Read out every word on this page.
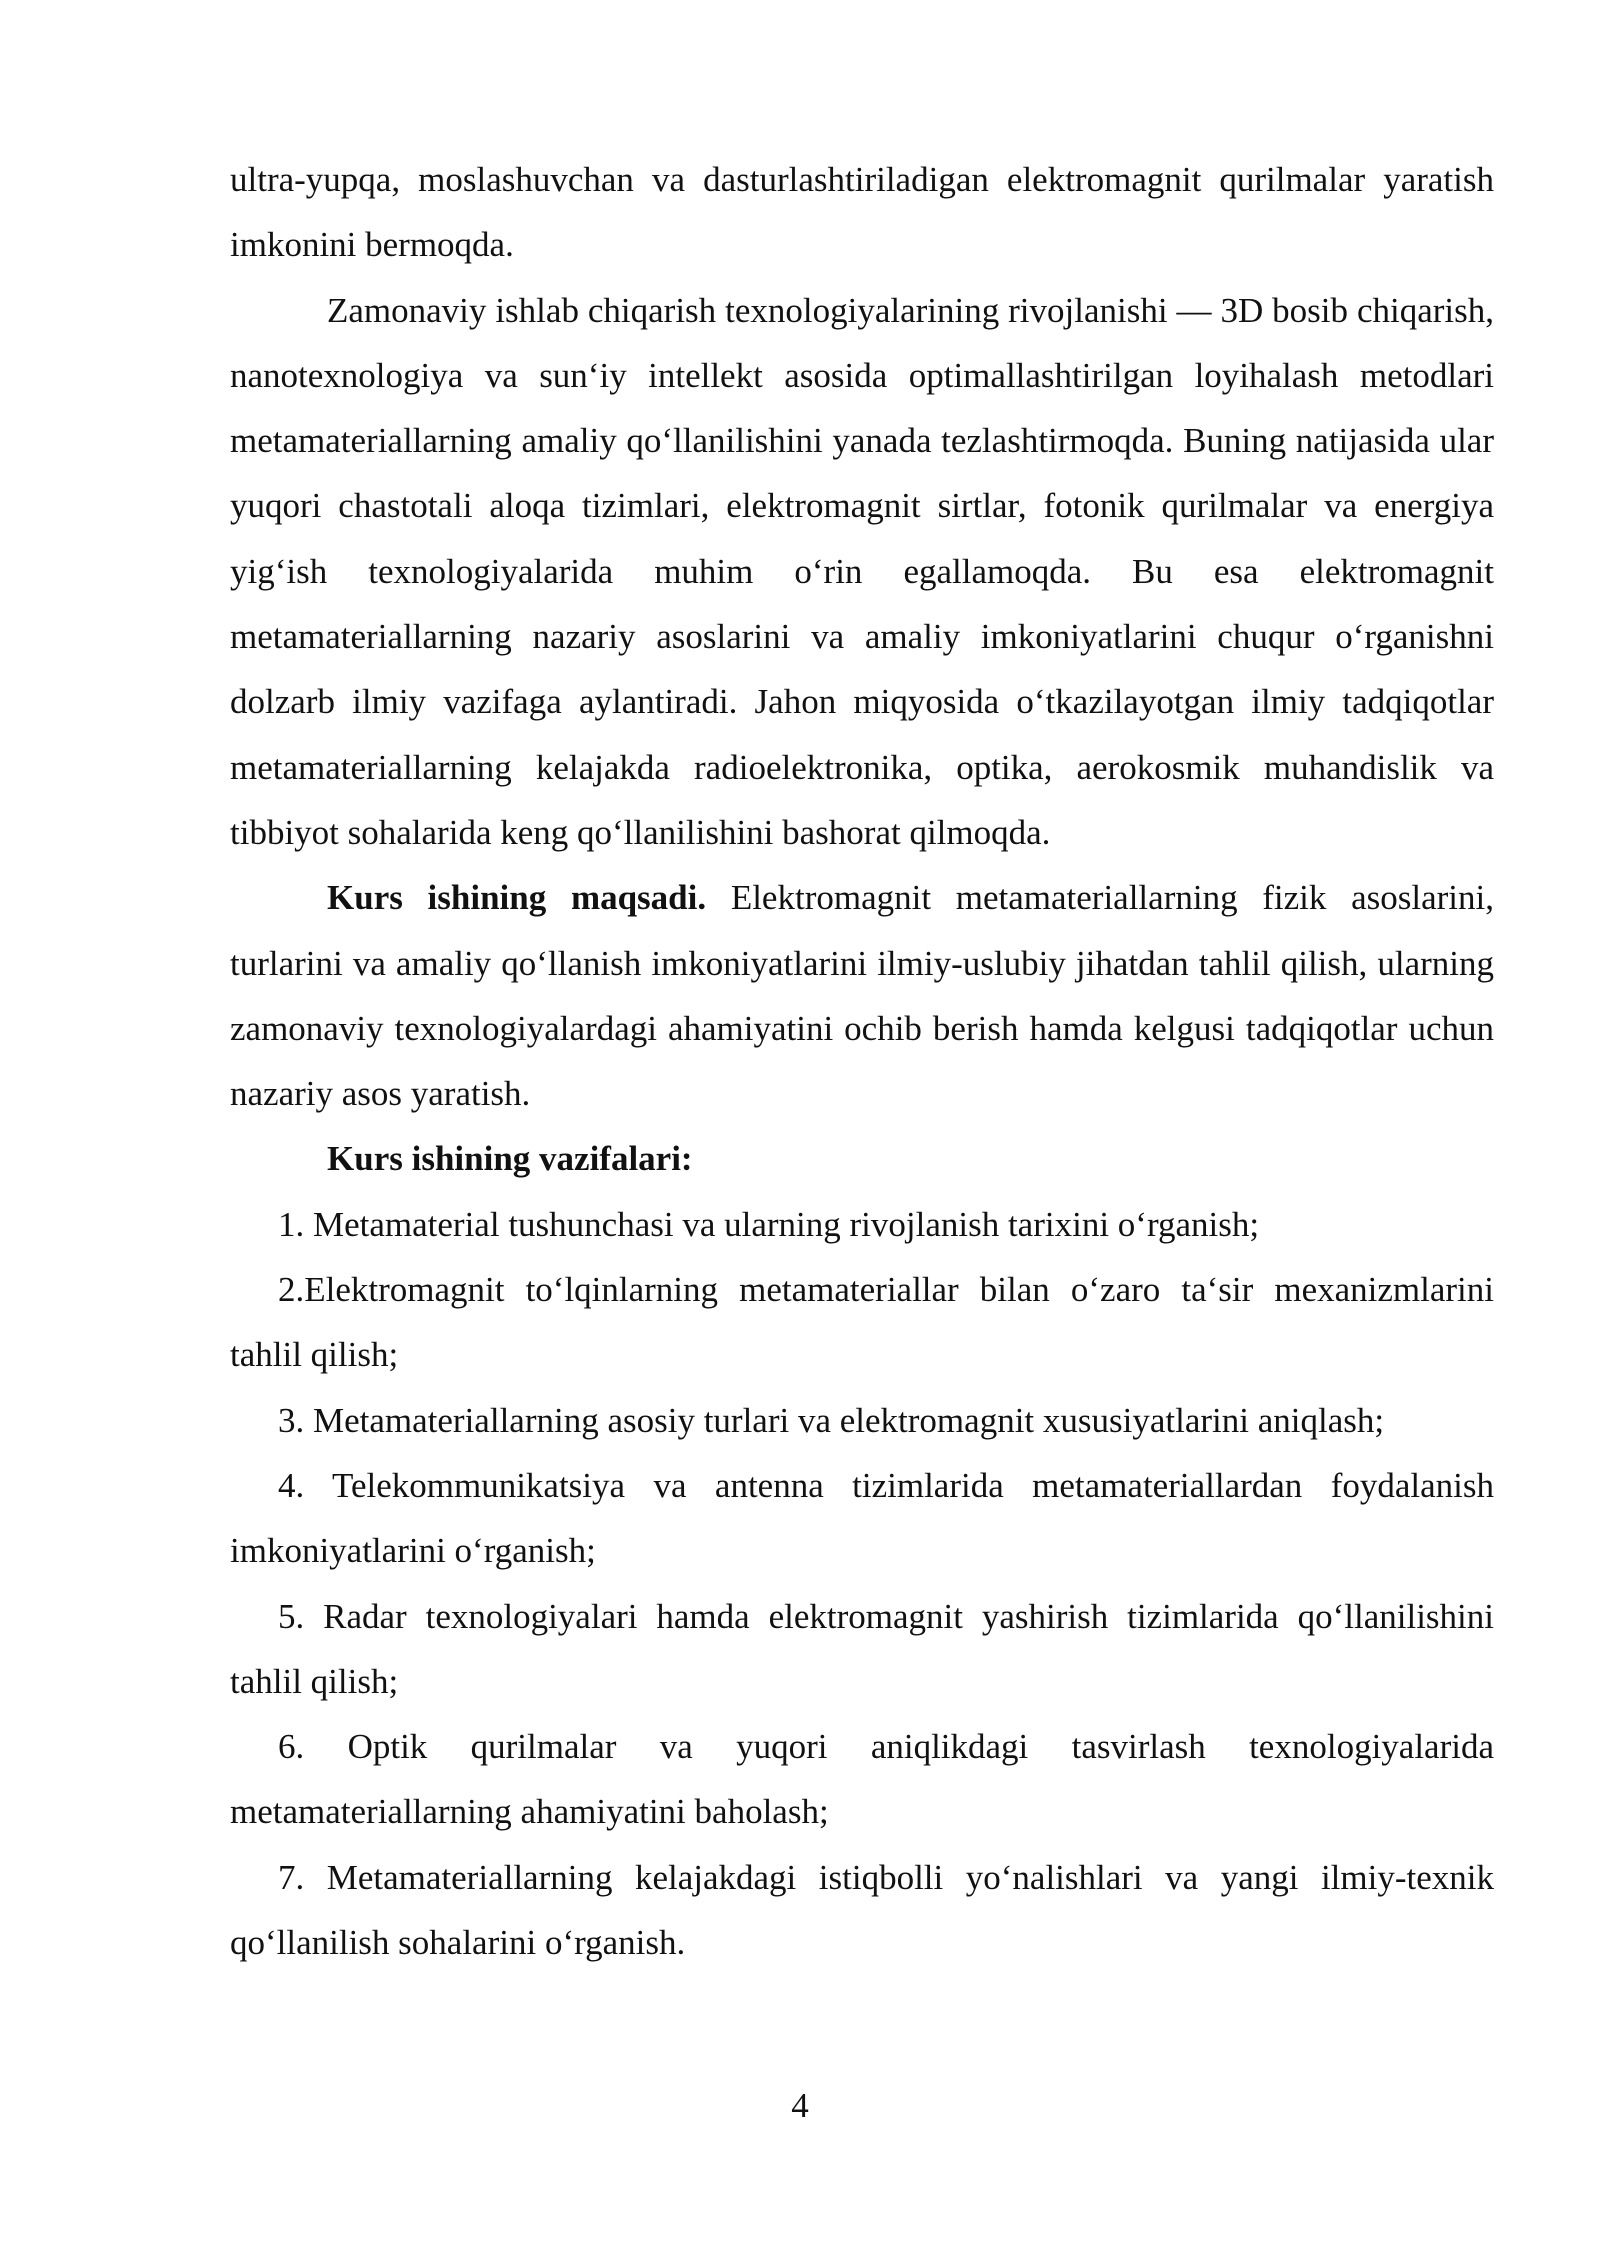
ultra-yupqa, moslashuvchan va dasturlashtiriladigan elektromagnit qurilmalar yaratish imkonini bermoqda.

Zamonaviy ishlab chiqarish texnologiyalarining rivojlanishi — 3D bosib chiqarish, nanotexnologiya va sun‘iy intellekt asosida optimallashtirilgan loyihalash metodlari metamateriallarning amaliy qo‘llanilishini yanada tezlashtirmoqda. Buning natijasida ular yuqori chastotali aloqa tizimlari, elektromagnit sirtlar, fotonik qurilmalar va energiya yig‘ish texnologiyalarida muhim o‘rin egallamoqda. Bu esa elektromagnit metamateriallarning nazariy asoslarini va amaliy imkoniyatlarini chuqur o‘rganishni dolzarb ilmiy vazifaga aylantiradi. Jahon miqyosida o‘tkazilayotgan ilmiy tadqiqotlar metamateriallarning kelajakda radioelektronika, optika, aerokosmik muhandislik va tibbiyot sohalarida keng qo‘llanilishini bashorat qilmoqda.

Kurs ishining maqsadi. Elektromagnit metamateriallarning fizik asoslarini, turlarini va amaliy qo‘llanish imkoniyatlarini ilmiy-uslubiy jihatdan tahlil qilish, ularning zamonaviy texnologiyalardagi ahamiyatini ochib berish hamda kelgusi tadqiqotlar uchun nazariy asos yaratish.

Kurs ishining vazifalari:

1. Metamaterial tushunchasi va ularning rivojlanish tarixini o‘rganish;

2.Elektromagnit to‘lqinlarning metamateriallar bilan o‘zaro ta‘sir mexanizmlarini tahlil qilish;

3. Metamateriallarning asosiy turlari va elektromagnit xususiyatlarini aniqlash;

4. Telekommunikatsiya va antenna tizimlarida metamateriallardan foydalanish imkoniyatlarini o‘rganish;

5. Radar texnologiyalari hamda elektromagnit yashirish tizimlarida qo‘llanilishini tahlil qilish;

6. Optik qurilmalar va yuqori aniqlikdagi tasvirlash texnologiyalarida metamateriallarning ahamiyatini baholash;

7. Metamateriallarning kelajakdagi istiqbolli yo‘nalishlari va yangi ilmiy-texnik qo‘llanilish sohalarini o‘rganish.

4
